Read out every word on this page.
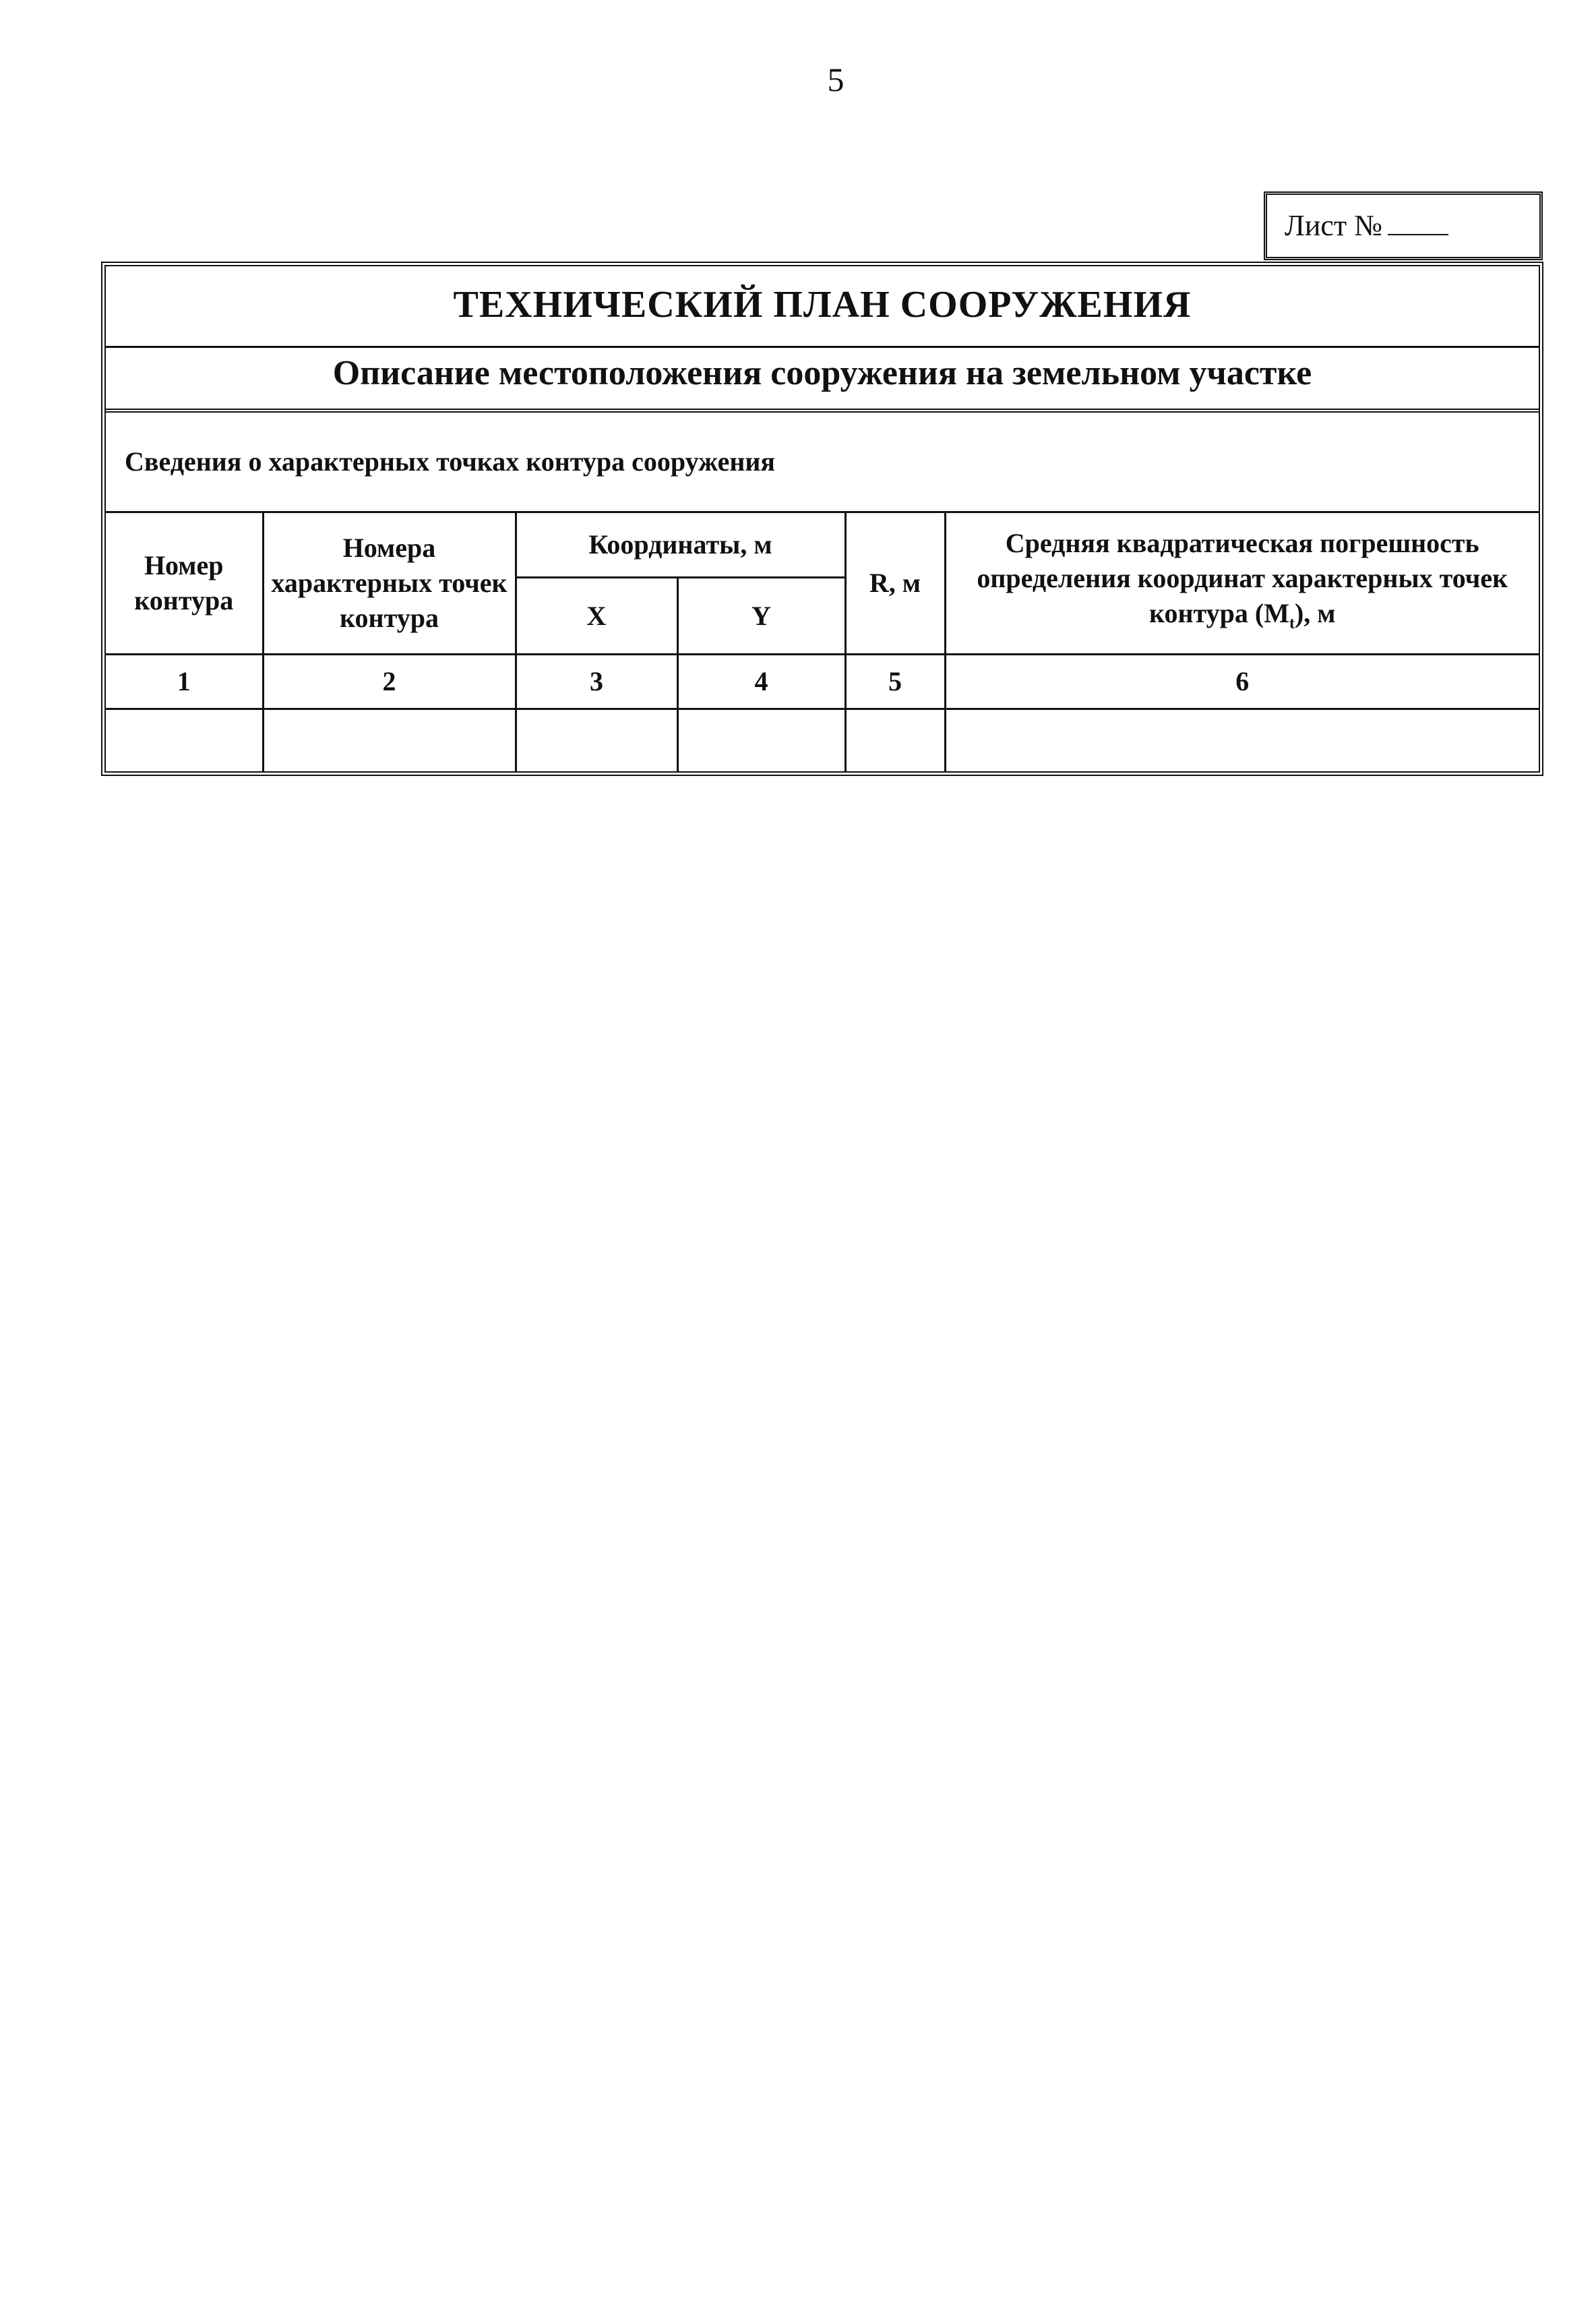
5
Лист №
ТЕХНИЧЕСКИЙ ПЛАН СООРУЖЕНИЯ
Описание местоположения сооружения на земельном участке
Сведения о характерных точках контура сооружения
Номер контура	Номера характерных точек контура	Координаты, м		R, м	Средняя квадратическая погрешность определения координат характерных точек контура $(M_t)$, м
		X	Y		
1	2	3	4	5	6
